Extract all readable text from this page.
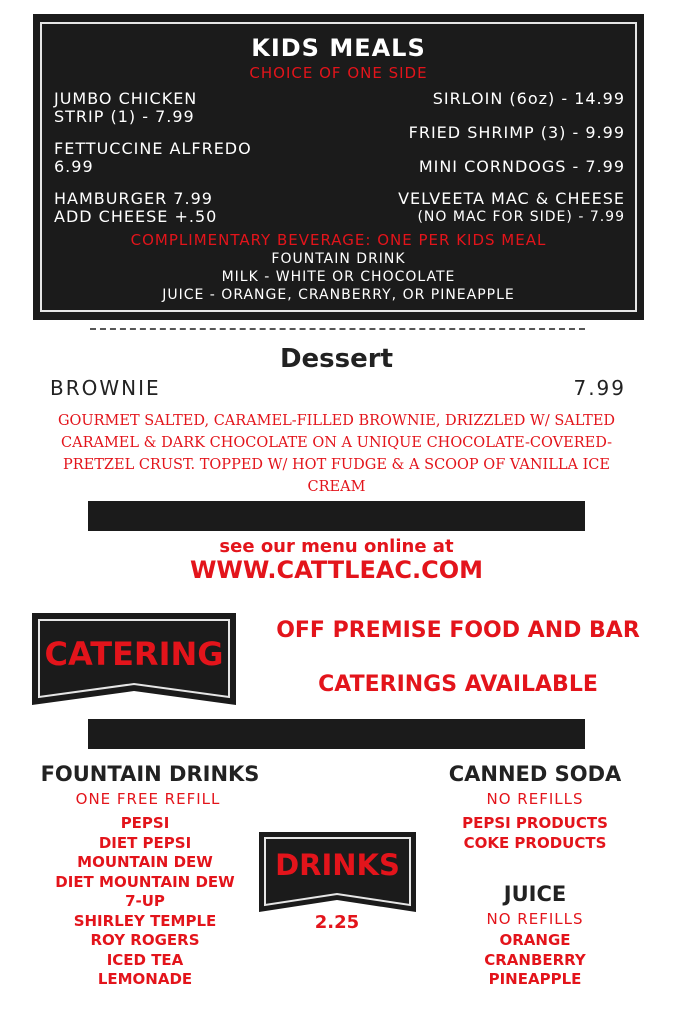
KIDS MEALS
CHOICE OF ONE SIDE
JUMBO CHICKEN
STRIP (1) - 7.99
FETTUCCINE ALFREDO
6.99
HAMBURGER 7.99
ADD CHEESE +.50
SIRLOIN (6oz) - 14.99
FRIED SHRIMP (3) - 9.99
MINI CORNDOGS - 7.99
VELVEETA MAC & CHEESE
(NO MAC FOR SIDE) - 7.99
COMPLIMENTARY BEVERAGE: ONE PER KIDS MEAL
FOUNTAIN DRINK
MILK - WHITE OR CHOCOLATE
JUICE - ORANGE, CRANBERRY, OR PINEAPPLE
Dessert
BROWNIE	7.99
GOURMET SALTED, CARAMEL-FILLED BROWNIE, DRIZZLED W/ SALTED CARAMEL & DARK CHOCOLATE ON A UNIQUE CHOCOLATE-COVERED-PRETZEL CRUST. TOPPED W/ HOT FUDGE & A SCOOP OF VANILLA ICE CREAM
see our menu online at
WWW.CATTLEAC.COM
CATERING
OFF PREMISE FOOD AND BAR
CATERINGS AVAILABLE
FOUNTAIN DRINKS
ONE FREE REFILL
PEPSI
DIET PEPSI
MOUNTAIN DEW
DIET MOUNTAIN DEW
7-UP
SHIRLEY TEMPLE
ROY ROGERS
ICED TEA
LEMONADE
DRINKS
2.25
CANNED SODA
NO REFILLS
PEPSI PRODUCTS
COKE PRODUCTS
JUICE
NO REFILLS
ORANGE
CRANBERRY
PINEAPPLE
